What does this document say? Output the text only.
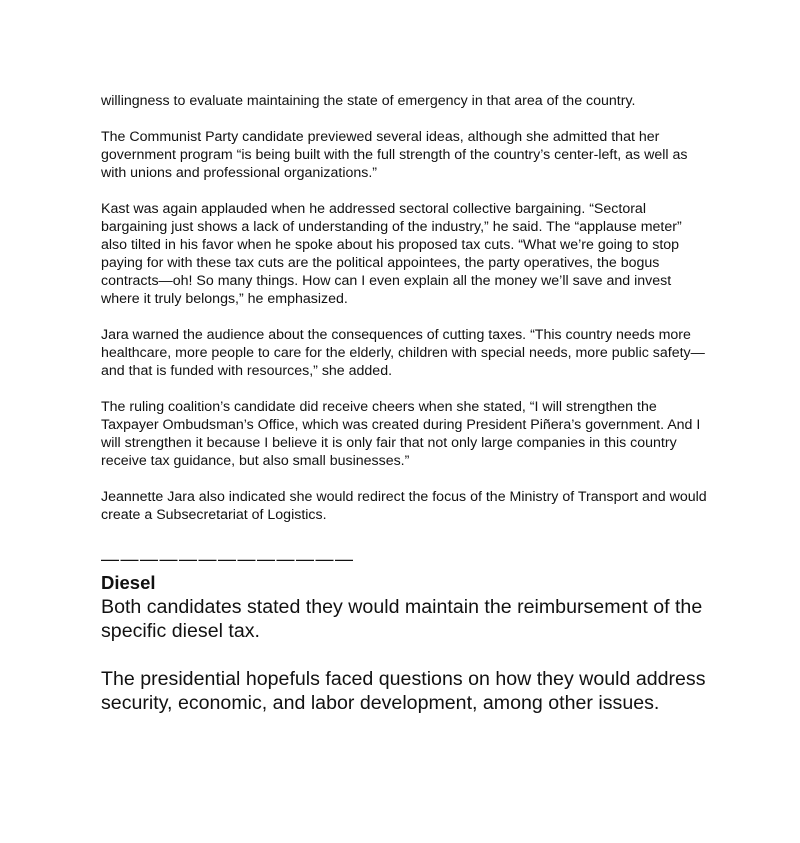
willingness to evaluate maintaining the state of emergency in that area of the country.

The Communist Party candidate previewed several ideas, although she admitted that her government program “is being built with the full strength of the country’s center-left, as well as with unions and professional organizations.”

Kast was again applauded when he addressed sectoral collective bargaining. “Sectoral bargaining just shows a lack of understanding of the industry,” he said. The “applause meter” also tilted in his favor when he spoke about his proposed tax cuts. “What we’re going to stop paying for with these tax cuts are the political appointees, the party operatives, the bogus contracts—oh! So many things. How can I even explain all the money we’ll save and invest where it truly belongs,” he emphasized.

Jara warned the audience about the consequences of cutting taxes. “This country needs more healthcare, more people to care for the elderly, children with special needs, more public safety—and that is funded with resources,” she added.

The ruling coalition’s candidate did receive cheers when she stated, “I will strengthen the Taxpayer Ombudsman’s Office, which was created during President Piñera’s government. And I will strengthen it because I believe it is only fair that not only large companies in this country receive tax guidance, but also small businesses.”

Jeannette Jara also indicated she would redirect the focus of the Ministry of Transport and would create a Subsecretariat of Logistics.

—————————————
Diesel

Both candidates stated they would maintain the reimbursement of the specific diesel tax.

The presidential hopefuls faced questions on how they would address security, economic, and labor development, among other issues.
